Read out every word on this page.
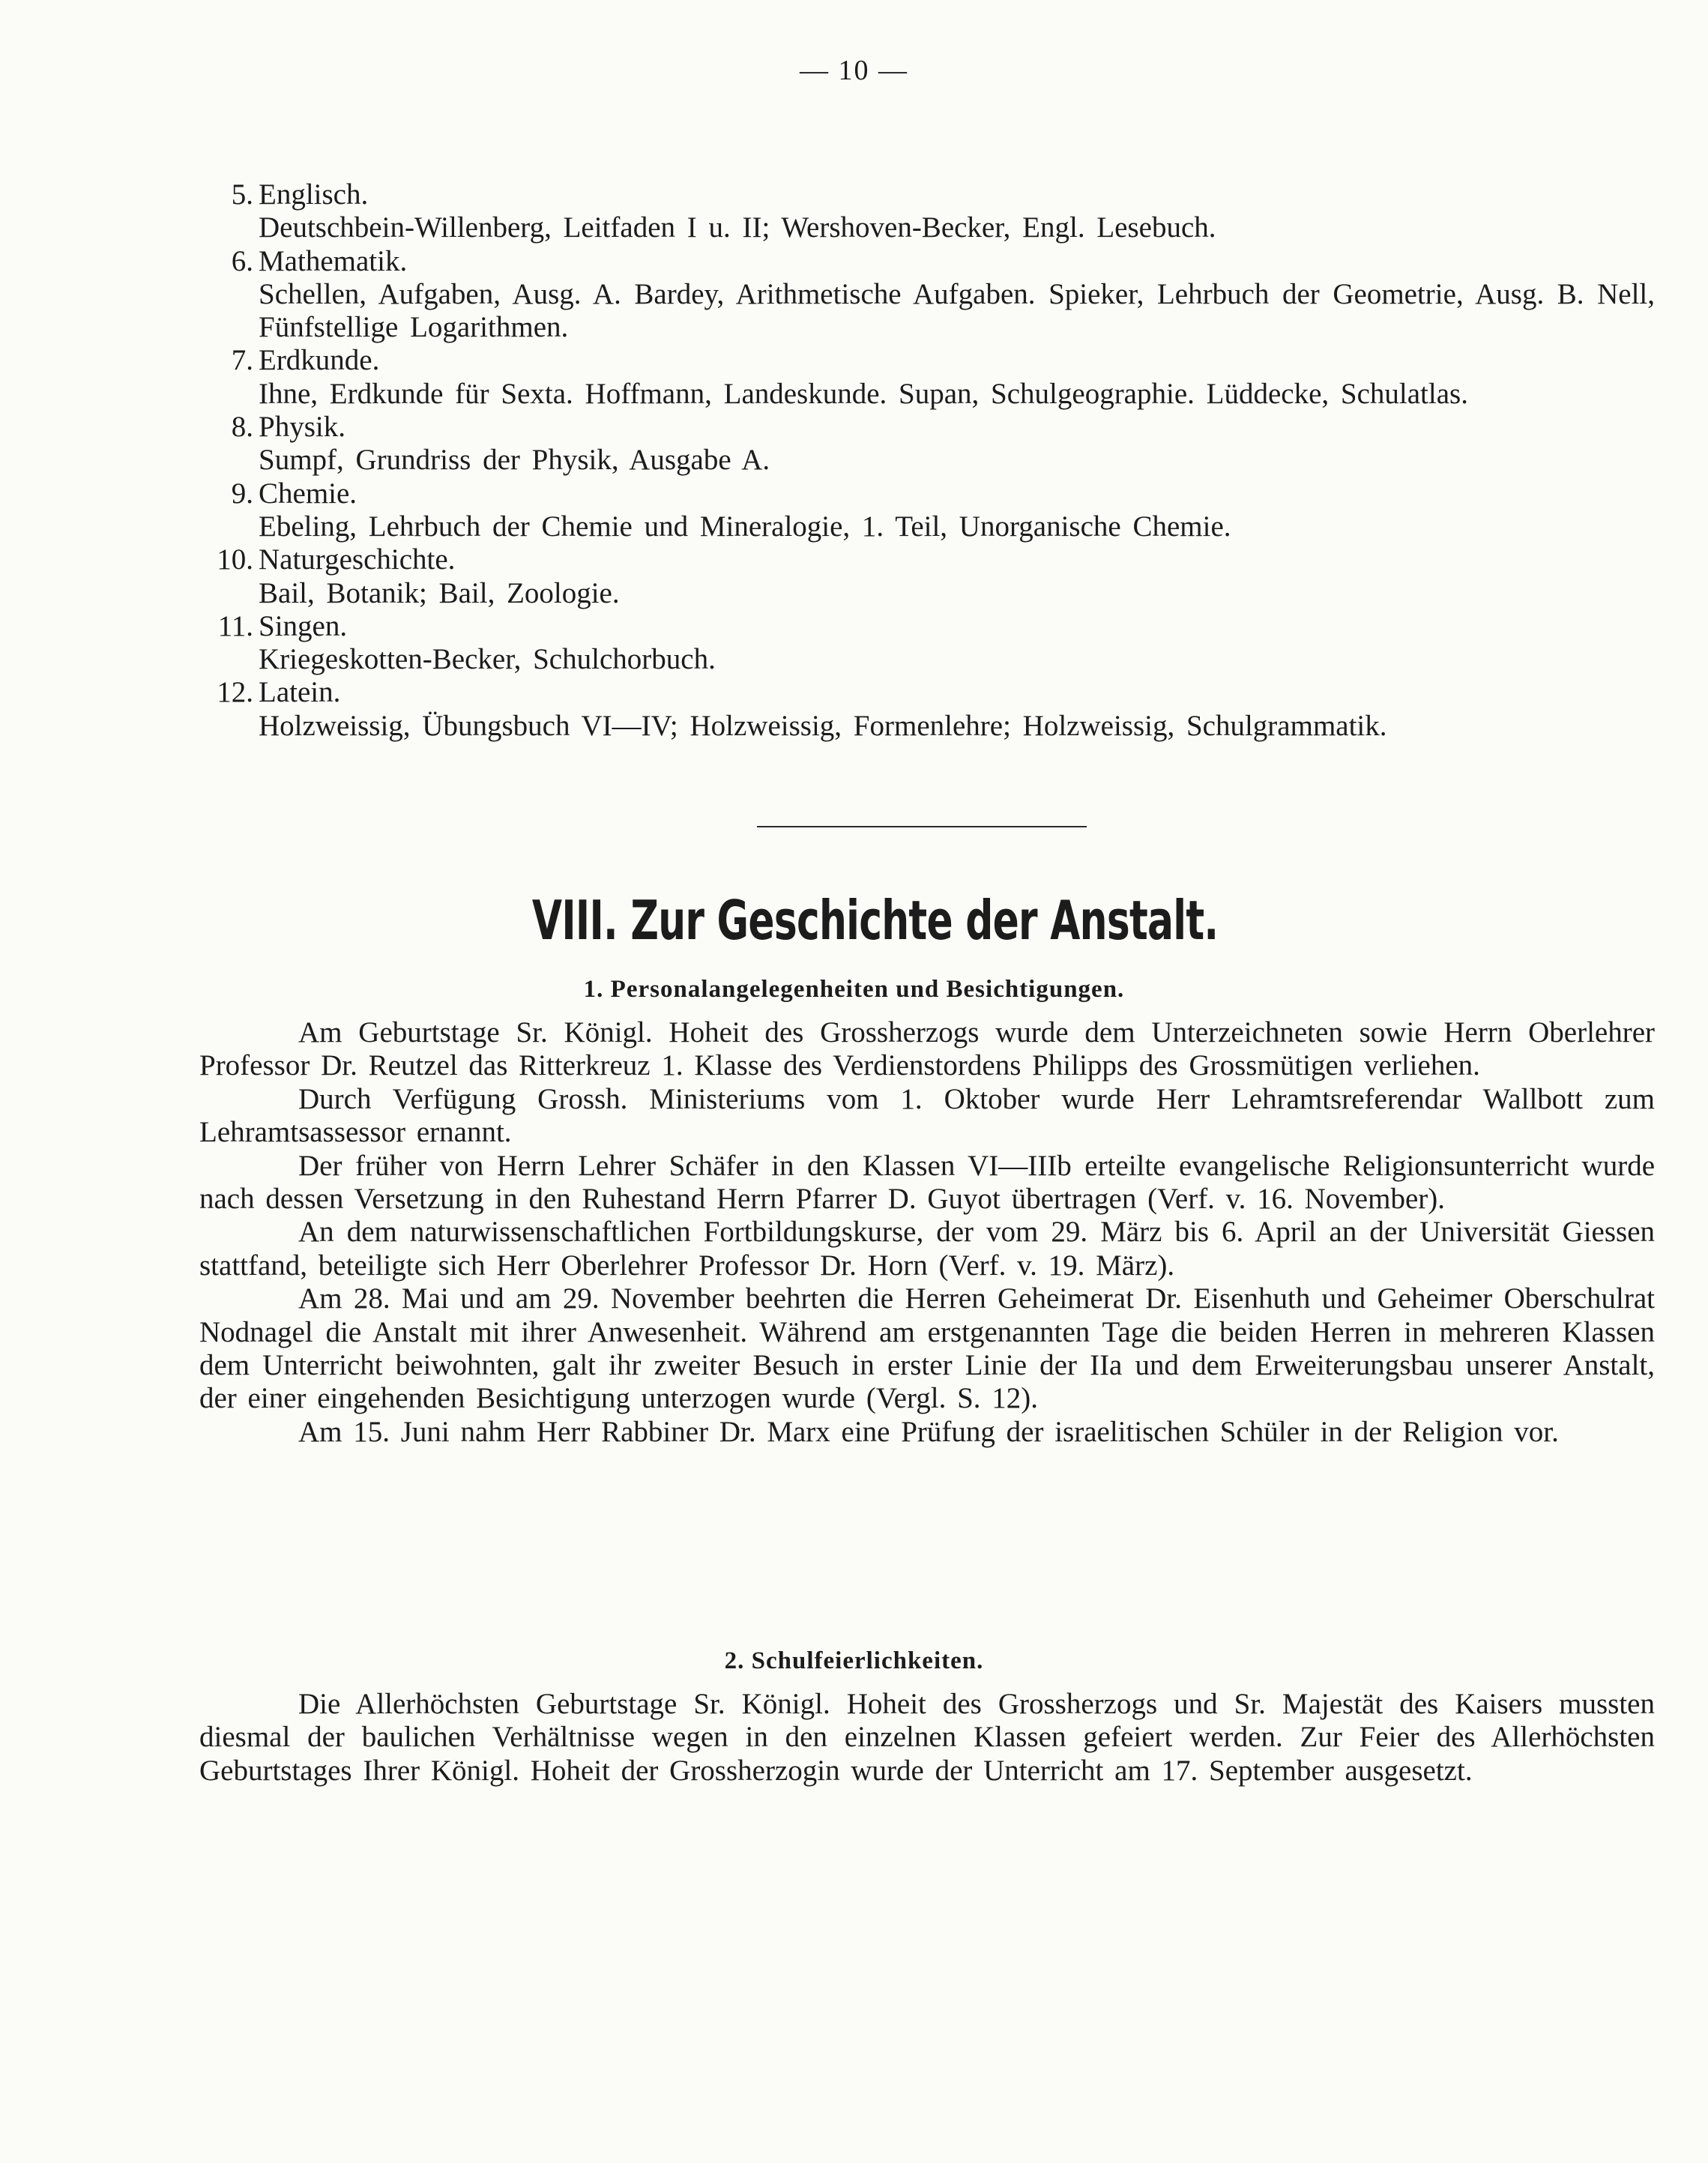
— 10 —
5. Englisch.
Deutschbein-Willenberg, Leitfaden I u. II; Wershoven-Becker, Engl. Lesebuch.
6. Mathematik.
Schellen, Aufgaben, Ausg. A. Bardey, Arithmetische Aufgaben. Spieker, Lehrbuch der Geometrie, Ausg. B. Nell, Fünfstellige Logarithmen.
7. Erdkunde.
Ihne, Erdkunde für Sexta. Hoffmann, Landeskunde. Supan, Schulgeographie. Lüddecke, Schulatlas.
8. Physik.
Sumpf, Grundriss der Physik, Ausgabe A.
9. Chemie.
Ebeling, Lehrbuch der Chemie und Mineralogie, 1. Teil, Unorganische Chemie.
10. Naturgeschichte.
Bail, Botanik; Bail, Zoologie.
11. Singen.
Kriegeskotten-Becker, Schulchorbuch.
12. Latein.
Holzweissig, Übungsbuch VI—IV; Holzweissig, Formenlehre; Holzweissig, Schulgrammatik.
VIII. Zur Geschichte der Anstalt.
1. Personalangelegenheiten und Besichtigungen.

Am Geburtstage Sr. Königl. Hoheit des Grossherzogs wurde dem Unterzeichneten sowie Herrn Oberlehrer Professor Dr. Reutzel das Ritterkreuz 1. Klasse des Verdienstordens Philipps des Grossmütigen verliehen.

Durch Verfügung Grossh. Ministeriums vom 1. Oktober wurde Herr Lehramtsreferendar Wallbott zum Lehramtsassessor ernannt.

Der früher von Herrn Lehrer Schäfer in den Klassen VI—IIIb erteilte evangelische Religionsunterricht wurde nach dessen Versetzung in den Ruhestand Herrn Pfarrer D. Guyot übertragen (Verf. v. 16. November).

An dem naturwissenschaftlichen Fortbildungskurse, der vom 29. März bis 6. April an der Universität Giessen stattfand, beteiligte sich Herr Oberlehrer Professor Dr. Horn (Verf. v. 19. März).

Am 28. Mai und am 29. November beehrten die Herren Geheimerat Dr. Eisenhuth und Geheimer Oberschulrat Nodnagel die Anstalt mit ihrer Anwesenheit. Während am erstgenannten Tage die beiden Herren in mehreren Klassen dem Unterricht beiwohnten, galt ihr zweiter Besuch in erster Linie der IIa und dem Erweiterungsbau unserer Anstalt, der einer eingehenden Besichtigung unterzogen wurde (Vergl. S. 12).

Am 15. Juni nahm Herr Rabbiner Dr. Marx eine Prüfung der israelitischen Schüler in der Religion vor.

2. Schulfeierlichkeiten.

Die Allerhöchsten Geburtstage Sr. Königl. Hoheit des Grossherzogs und Sr. Majestät des Kaisers mussten diesmal der baulichen Verhältnisse wegen in den einzelnen Klassen gefeiert werden. Zur Feier des Allerhöchsten Geburtstages Ihrer Königl. Hoheit der Grossherzogin wurde der Unterricht am 17. September ausgesetzt.
